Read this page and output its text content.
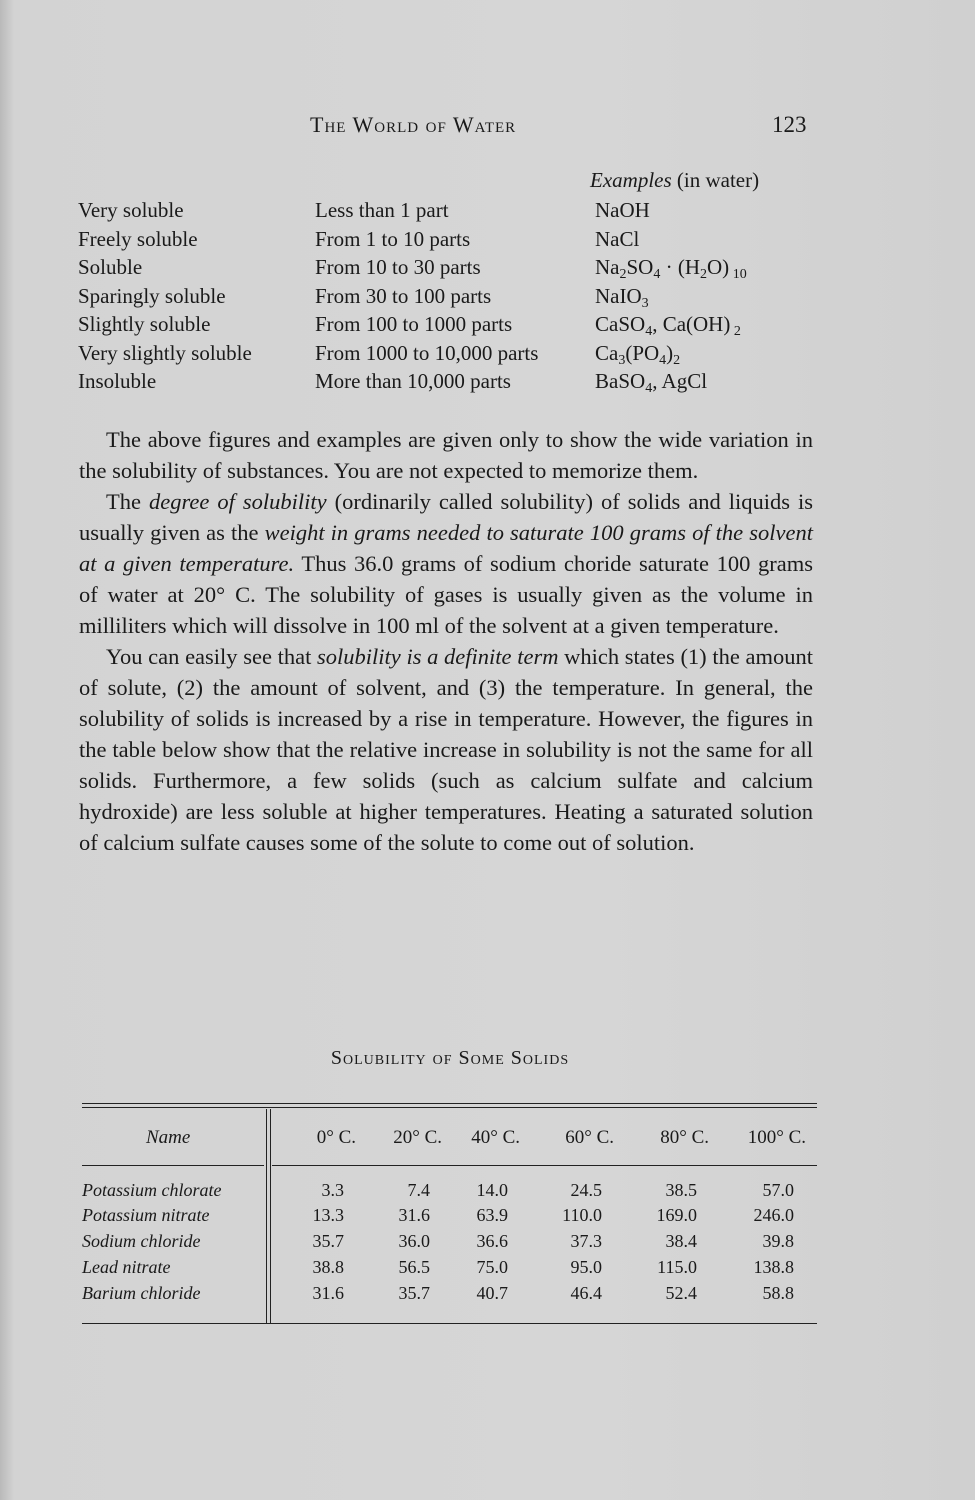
The World of Water	123
Examples (in water)
Very soluble	Less than 1 part	NaOH
Freely soluble	From 1 to 10 parts	NaCl
Soluble	From 10 to 30 parts	$Na_2SO_4 \cdot (H_2O)$ $_{10}$
Sparingly soluble	From 30 to 100 parts	NaIO$_3$
Slightly soluble	From 100 to 1000 parts	CaSO$_4$, Ca(OH) $_2$
Very slightly soluble	From 1000 to 10,000 parts	$Ca_3(PO_4)_2$
Insoluble	More than 10,000 parts	BaSO$_4$, AgCl

The above figures and examples are given only to show the wide variation in the solubility of substances. You are not expected to memorize them.

The degree of solubility (ordinarily called solubility) of solids and liquids is usually given as the weight in grams needed to saturate 100 grams of the solvent at a given temperature. Thus 36.0 grams of sodium choride saturate 100 grams of water at 20° C. The solubility of gases is usually given as the volume in milliliters which will dissolve in 100 ml of the solvent at a given temperature.

You can easily see that solubility is a definite term which states (1) the amount of solute, (2) the amount of solvent, and (3) the temperature. In general, the solubility of solids is increased by a rise in temperature. However, the figures in the table below show that the relative increase in solubility is not the same for all solids. Furthermore, a few solids (such as calcium sulfate and calcium hydroxide) are less soluble at higher temperatures. Heating a saturated solution of calcium sulfate causes some of the solute to come out of solution.

Solubility of Some Solids
Name	0° C.	20° C.	40° C.	60° C.	80° C.	100° C.
Potassium chlorate	3.3	7.4	14.0	24.5	38.5	57.0
Potassium nitrate	13.3	31.6	63.9	110.0	169.0	246.0
Sodium chloride	35.7	36.0	36.6	37.3	38.4	39.8
Lead nitrate	38.8	56.5	75.0	95.0	115.0	138.8
Barium chloride	31.6	35.7	40.7	46.4	52.4	58.8
